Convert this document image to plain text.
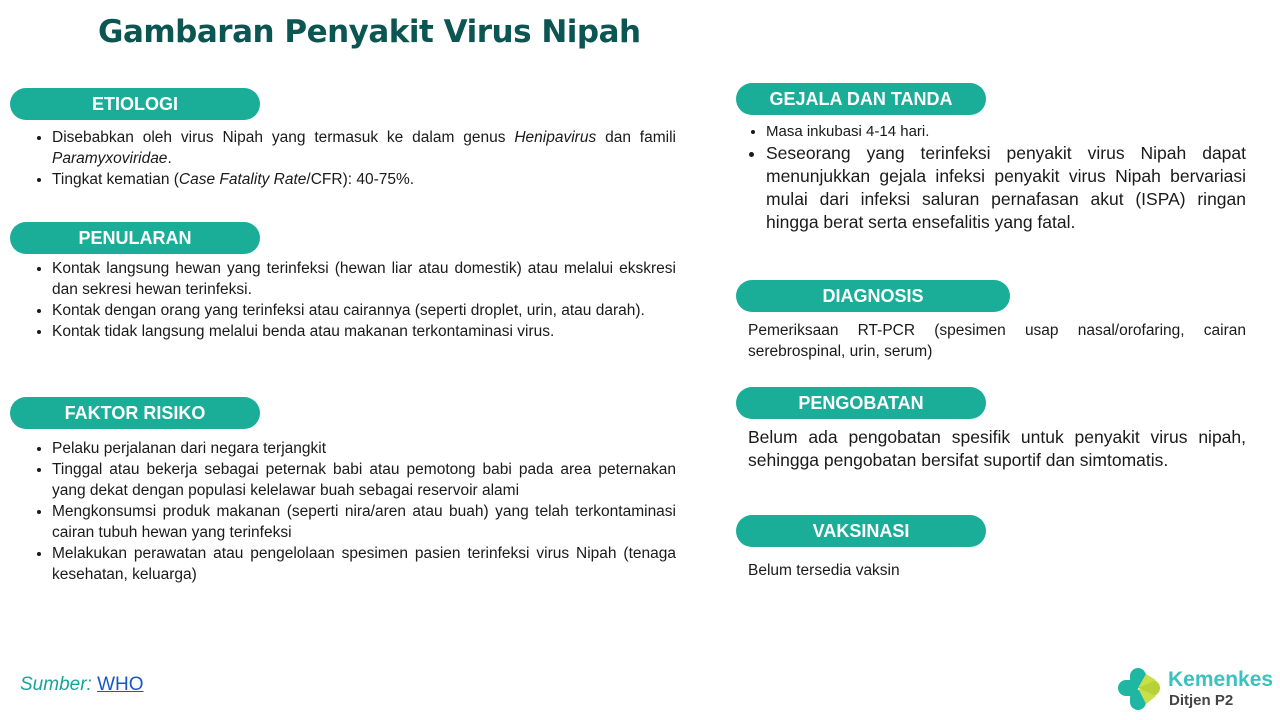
Gambaran Penyakit Virus Nipah
ETIOLOGI
• Disebabkan oleh virus Nipah yang termasuk ke dalam genus Henipavirus dan famili Paramyxoviridae.
• Tingkat kematian (Case Fatality Rate/CFR): 40-75%.
PENULARAN
• Kontak langsung hewan yang terinfeksi (hewan liar atau domestik) atau melalui ekskresi dan sekresi hewan terinfeksi.
• Kontak dengan orang yang terinfeksi atau cairannya (seperti droplet, urin, atau darah).
• Kontak tidak langsung melalui benda atau makanan terkontaminasi virus.
FAKTOR RISIKO
• Pelaku perjalanan dari negara terjangkit
• Tinggal atau bekerja sebagai peternak babi atau pemotong babi pada area peternakan yang dekat dengan populasi kelelawar buah sebagai reservoir alami
• Mengkonsumsi produk makanan (seperti nira/aren atau buah) yang telah terkontaminasi cairan tubuh hewan yang terinfeksi
• Melakukan perawatan atau pengelolaan spesimen pasien terinfeksi virus Nipah (tenaga kesehatan, keluarga)
GEJALA DAN TANDA
• Masa inkubasi 4-14 hari.
• Seseorang yang terinfeksi penyakit virus Nipah dapat menunjukkan gejala infeksi penyakit virus Nipah bervariasi mulai dari infeksi saluran pernafasan akut (ISPA) ringan hingga berat serta ensefalitis yang fatal.
DIAGNOSIS
Pemeriksaan RT-PCR (spesimen usap nasal/orofaring, cairan serebrospinal, urin, serum)
PENGOBATAN
Belum ada pengobatan spesifik untuk penyakit virus nipah, sehingga pengobatan bersifat suportif dan simtomatis.
VAKSINASI
Belum tersedia vaksin
Sumber: WHO	Kemenkes
Ditjen P2
